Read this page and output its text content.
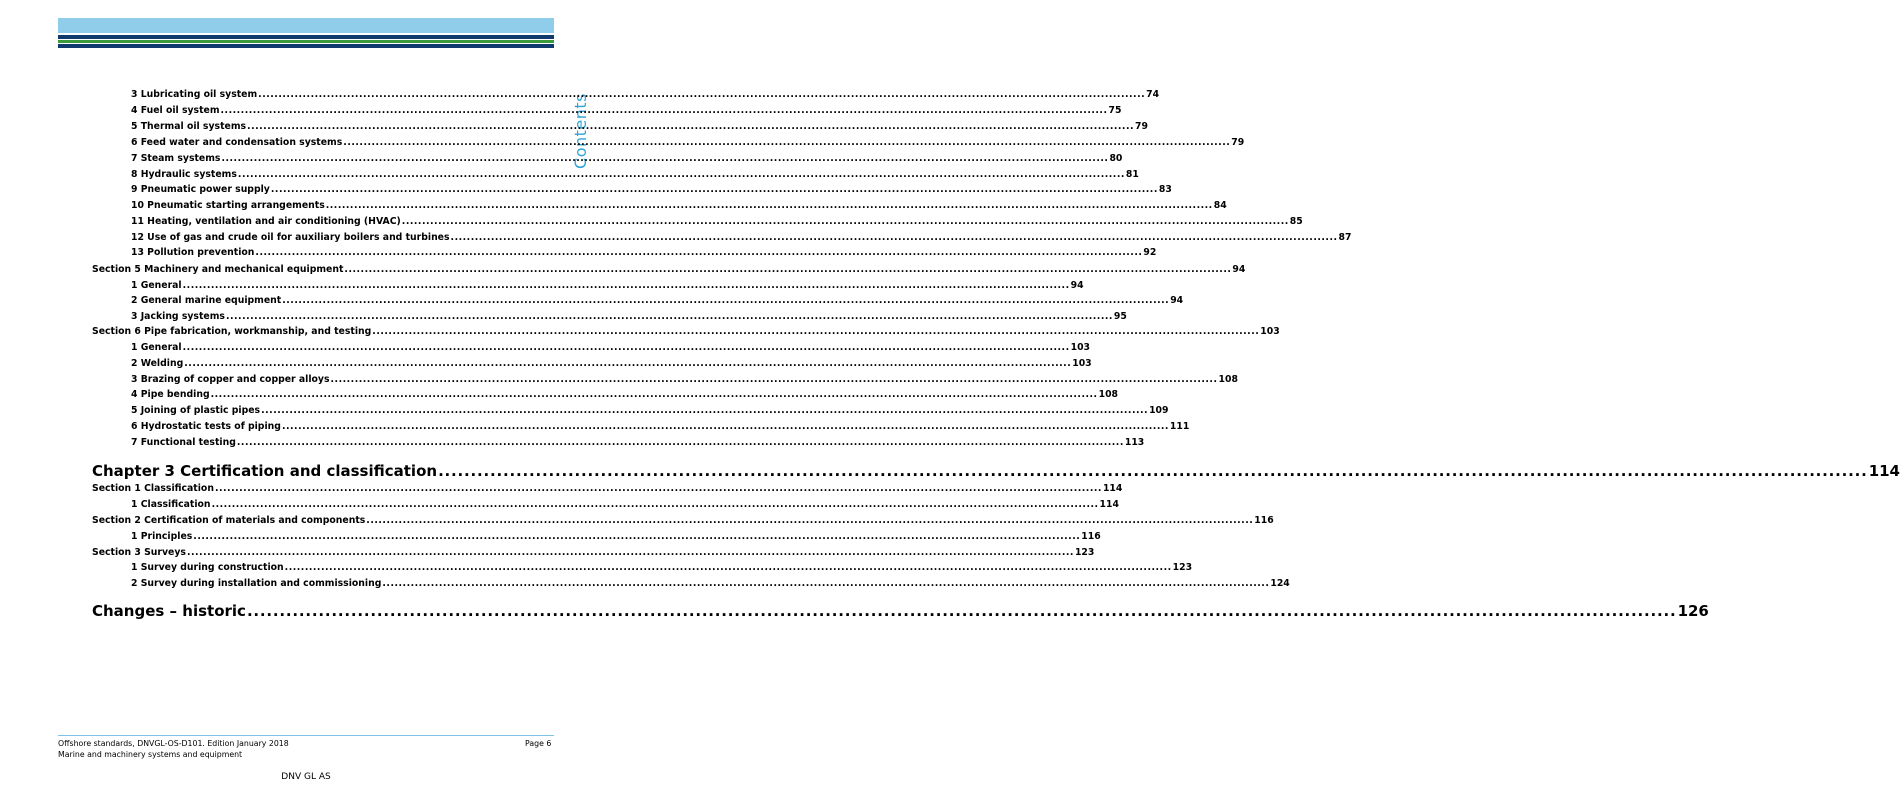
Contents
3 Lubricating oil system ............................................................................................................................................................................................................................ 74
4 Fuel oil system ............................................................................................................................................................................................................................ 75
5 Thermal oil systems ............................................................................................................................................................................................................................ 79
6 Feed water and condensation systems ............................................................................................................................................................................................................................ 79
7 Steam systems ............................................................................................................................................................................................................................ 80
8 Hydraulic systems ............................................................................................................................................................................................................................ 81
9 Pneumatic power supply ............................................................................................................................................................................................................................ 83
10 Pneumatic starting arrangements ............................................................................................................................................................................................................................ 84
11 Heating, ventilation and air conditioning (HVAC) ............................................................................................................................................................................................................................ 85
12 Use of gas and crude oil for auxiliary boilers and turbines ............................................................................................................................................................................................................................ 87
13 Pollution prevention ............................................................................................................................................................................................................................ 92
Section 5 Machinery and mechanical equipment ............................................................................................................................................................................................................................ 94
1 General ............................................................................................................................................................................................................................ 94
2 General marine equipment ............................................................................................................................................................................................................................ 94
3 Jacking systems ............................................................................................................................................................................................................................ 95
Section 6 Pipe fabrication, workmanship, and testing ............................................................................................................................................................................................................................ 103
1 General ............................................................................................................................................................................................................................ 103
2 Welding ............................................................................................................................................................................................................................ 103
3 Brazing of copper and copper alloys ............................................................................................................................................................................................................................ 108
4 Pipe bending ............................................................................................................................................................................................................................ 108
5 Joining of plastic pipes ............................................................................................................................................................................................................................ 109
6 Hydrostatic tests of piping ............................................................................................................................................................................................................................ 111
7 Functional testing ............................................................................................................................................................................................................................ 113
Chapter 3 Certification and classification ............................................................................................................................................................................................................................ 114
Section 1 Classification ............................................................................................................................................................................................................................ 114
1 Classification ............................................................................................................................................................................................................................ 114
Section 2 Certification of materials and components ............................................................................................................................................................................................................................ 116
1 Principles ............................................................................................................................................................................................................................ 116
Section 3 Surveys ............................................................................................................................................................................................................................ 123
1 Survey during construction ............................................................................................................................................................................................................................ 123
2 Survey during installation and commissioning ............................................................................................................................................................................................................................ 124
Changes – historic ............................................................................................................................................................................................................................ 126
Offshore standards, DNVGL-OS-D101. Edition January 2018
Marine and machinery systems and equipment
Page 6
DNV GL AS
